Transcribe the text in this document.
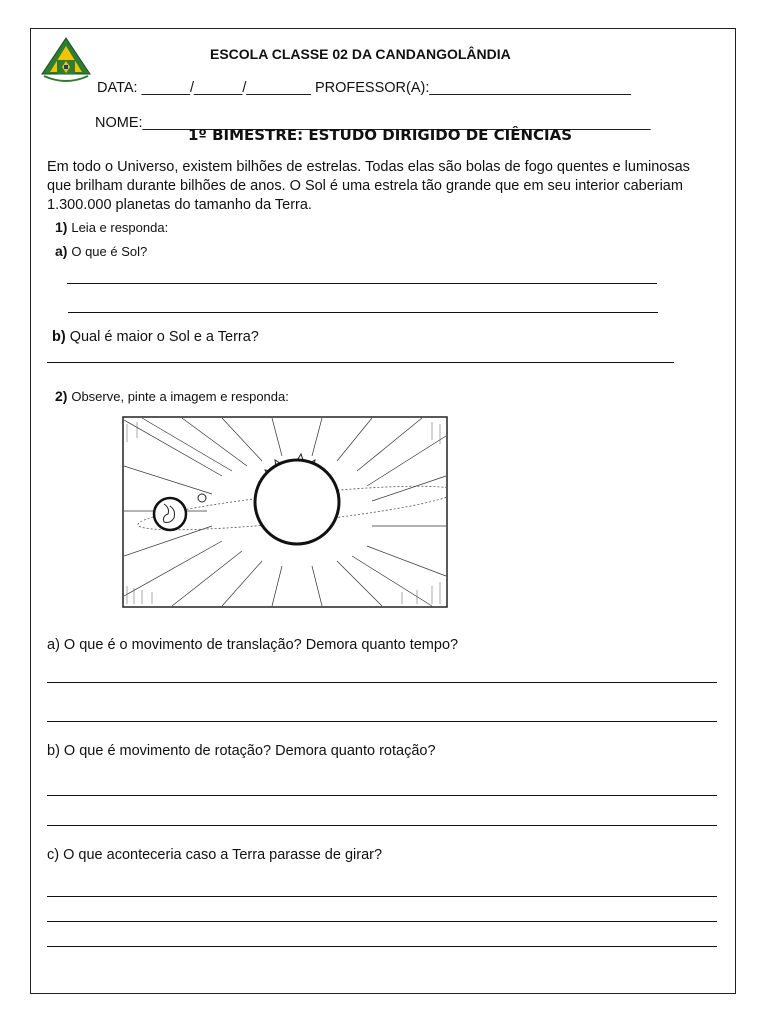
ESCOLA CLASSE 02 DA CANDANGOLÂNDIA
DATA: ______/______/________ PROFESSOR(A):_________________________
NOME:_______________________________________________________________
1º BIMESTRE: ESTUDO DIRIGIDO DE CIÊNCIAS
Em todo o Universo, existem bilhões de estrelas. Todas elas são bolas de fogo quentes e luminosas que brilham durante bilhões de anos. O Sol é uma estrela tão grande que em seu interior caberiam 1.300.000 planetas do tamanho da Terra.
1) Leia e responda:
a) O que é Sol?
b) Qual é maior o Sol e a Terra?
2) Observe, pinte a imagem e responda:
a) O que é o movimento de translação? Demora quanto tempo?
b) O que é movimento de rotação? Demora quanto rotação?
c) O que aconteceria caso a Terra parasse de girar?
